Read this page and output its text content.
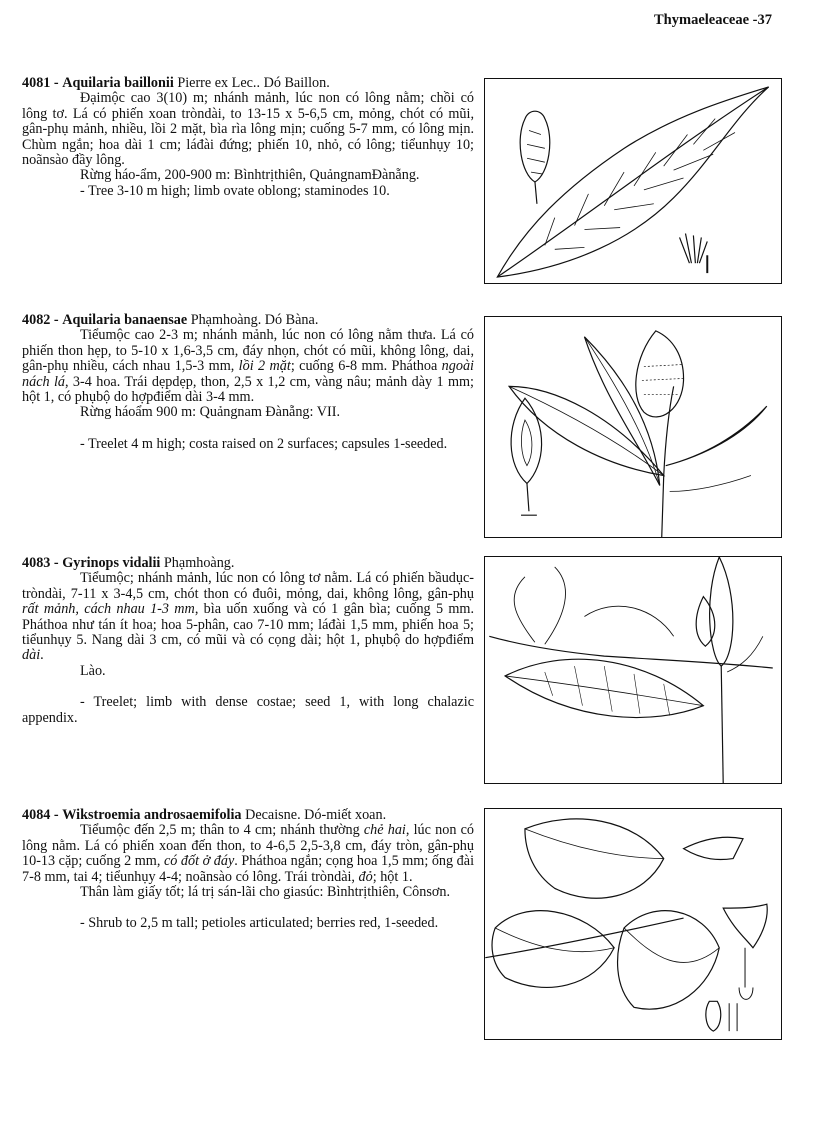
Thymaeleaceae -37

4081 - Aquilaria baillonii Pierre ex Lec.. Dó Baillon.

Đạimộc cao 3(10) m; nhánh mảnh, lúc non có lông nằm; chồi có lông tơ. Lá có phiến xoan tròndài, to 13-15 x 5-6,5 cm, mỏng, chót có mũi, gân-phụ mảnh, nhiều, lồi 2 mặt, bìa rìa lông mịn; cuống 5-7 mm, có lông mịn. Chùm ngắn; hoa dài 1 cm; láđài đứng; phiến 10, nhỏ, có lông; tiểunhụy 10; noãnsào đầy lông.

Rừng háo-ẩm, 200-900 m: Bìnhtrịthiên, QuảngnamĐànẵng.

- Tree 3-10 m high; limb ovate oblong; staminodes 10.

4082 - Aquilaria banaensae Phạmhoàng. Dó Bàna.

Tiểumộc cao 2-3 m; nhánh mảnh, lúc non có lông nằm thưa. Lá có phiến thon hẹp, to 5-10 x 1,6-3,5 cm, đáy nhọn, chót có mũi, không lông, dai, gân-phụ nhiều, cách nhau 1,5-3 mm, lồi 2 mặt; cuống 6-8 mm. Pháthoa ngoài nách lá, 3-4 hoa. Trái dẹpdẹp, thon, 2,5 x 1,2 cm, vàng nâu; mảnh dày 1 mm; hột 1, có phụbộ do hợpđiểm dài 3-4 mm.

Rừng háoẩm 900 m: Quảngnam Đànẵng: VII.

- Treelet 4 m high; costa raised on 2 surfaces; capsules 1-seeded.

4083 - Gyrinops vidalii Phạmhoàng.

Tiểumộc; nhánh mảnh, lúc non có lông tơ nằm. Lá có phiến bầudục-tròndài, 7-11 x 3-4,5 cm, chót thon có đuôi, mỏng, dai, không lông, gân-phụ rất mảnh, cách nhau 1-3 mm, bìa uốn xuống và có 1 gân bìa; cuống 5 mm. Pháthoa như tán ít hoa; hoa 5-phân, cao 7-10 mm; láđài 1,5 mm, phiến hoa 5; tiểunhụy 5. Nang dài 3 cm, có mũi và có cọng dài; hột 1, phụbộ do hợpđiểm dài.

Lào.

- Treelet; limb with dense costae; seed 1, with long chalazic appendix.

4084 - Wikstroemia androsaemifolia Decaisne. Dó-miết xoan.

Tiểumộc đến 2,5 m; thân to 4 cm; nhánh thường chẻ hai, lúc non có lông nằm. Lá có phiến xoan đến thon, to 4-6,5 2,5-3,8 cm, đáy tròn, gân-phụ 10-13 cặp; cuống 2 mm, có đốt ở đáy. Pháthoa ngắn; cọng hoa 1,5 mm; ống đài 7-8 mm, tai 4; tiểunhụy 4-4; noãnsào có lông. Trái tròndài, đỏ; hột 1.

Thân làm giấy tốt; lá trị sán-lãi cho giasúc: Bìnhtrịthiên, Cônsơn.

- Shrub to 2,5 m tall; petioles articulated; berries red, 1-seeded.
